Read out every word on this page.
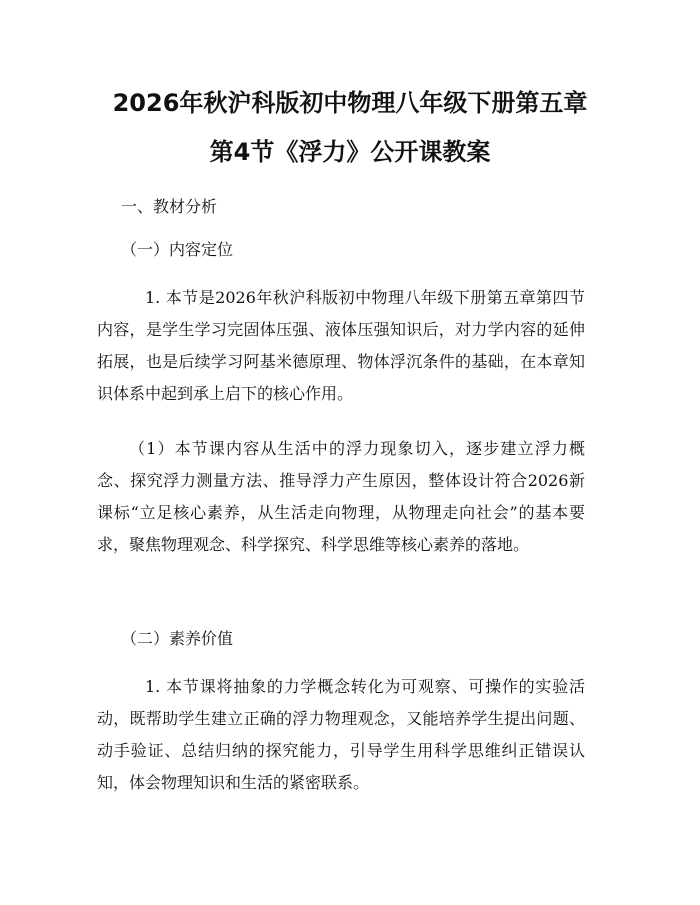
2026年秋沪科版初中物理八年级下册第五章
第4节《浮力》公开课教案
一、教材分析
（一）内容定位
1. 本节是2026年秋沪科版初中物理八年级下册第五章第四节内容，是学生学习完固体压强、液体压强知识后，对力学内容的延伸拓展，也是后续学习阿基米德原理、物体浮沉条件的基础，在本章知识体系中起到承上启下的核心作用。
（1）本节课内容从生活中的浮力现象切入，逐步建立浮力概念、探究浮力测量方法、推导浮力产生原因，整体设计符合2026新课标“立足核心素养，从生活走向物理，从物理走向社会”的基本要求，聚焦物理观念、科学探究、科学思维等核心素养的落地。
（二）素养价值
1. 本节课将抽象的力学概念转化为可观察、可操作的实验活动，既帮助学生建立正确的浮力物理观念，又能培养学生提出问题、动手验证、总结归纳的探究能力，引导学生用科学思维纠正错误认知，体会物理知识和生活的紧密联系。
